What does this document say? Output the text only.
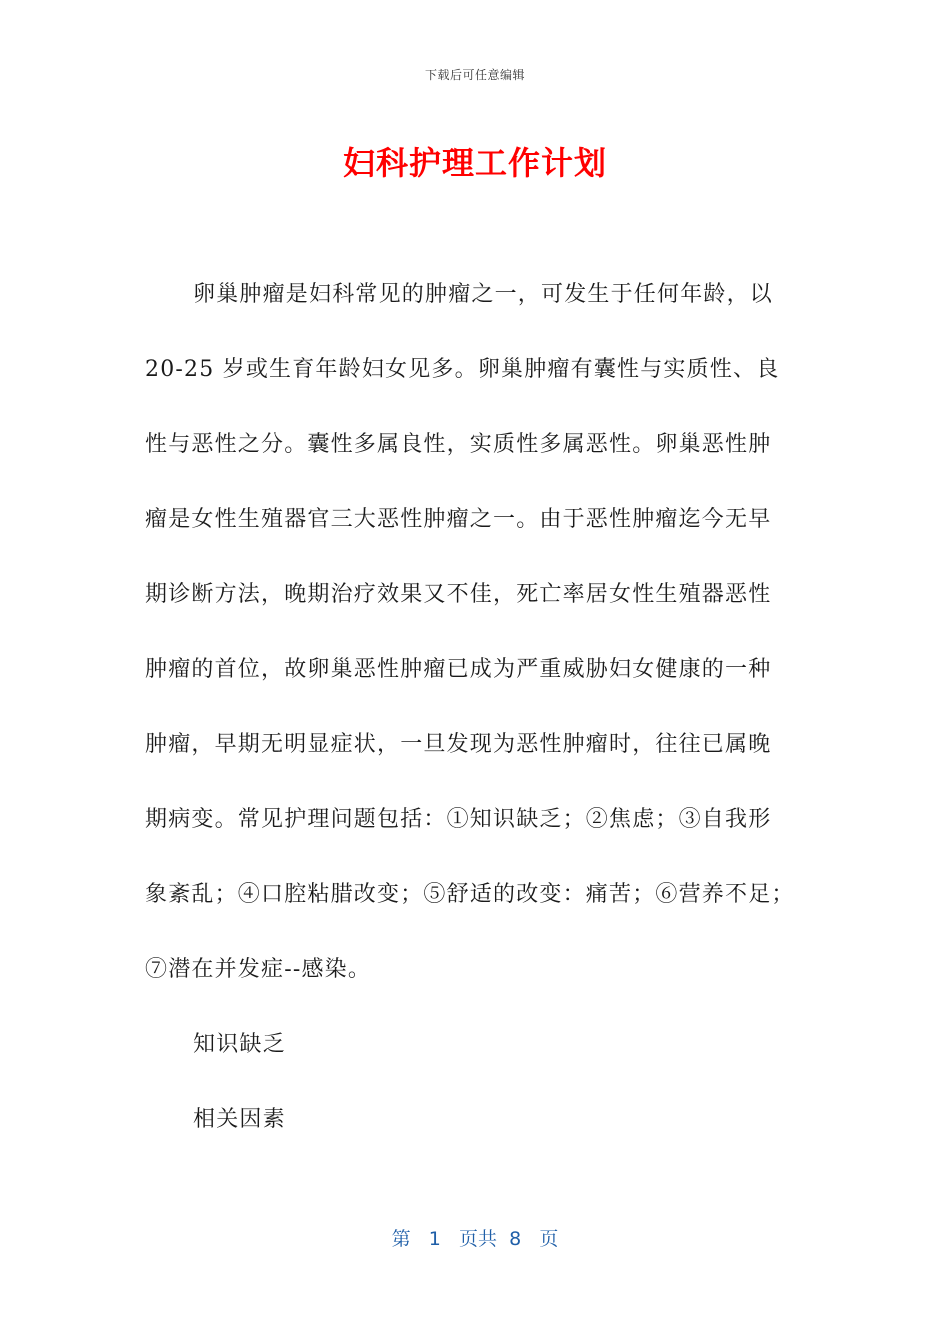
下载后可任意编辑
妇科护理工作计划
卵巢肿瘤是妇科常见的肿瘤之一，可发生于任何年龄，以
20-25 岁或生育年龄妇女见多。卵巢肿瘤有囊性与实质性、良
性与恶性之分。囊性多属良性，实质性多属恶性。卵巢恶性肿
瘤是女性生殖器官三大恶性肿瘤之一。由于恶性肿瘤迄今无早
期诊断方法，晚期治疗效果又不佳，死亡率居女性生殖器恶性
肿瘤的首位，故卵巢恶性肿瘤已成为严重威胁妇女健康的一种
肿瘤，早期无明显症状，一旦发现为恶性肿瘤时，往往已属晚
期病变。常见护理问题包括：①知识缺乏；②焦虑；③自我形
象紊乱；④口腔粘腊改变；⑤舒适的改变：痛苦；⑥营养不足；
⑦潜在并发症--感染。
知识缺乏
相关因素
第 1 页共 8 页
